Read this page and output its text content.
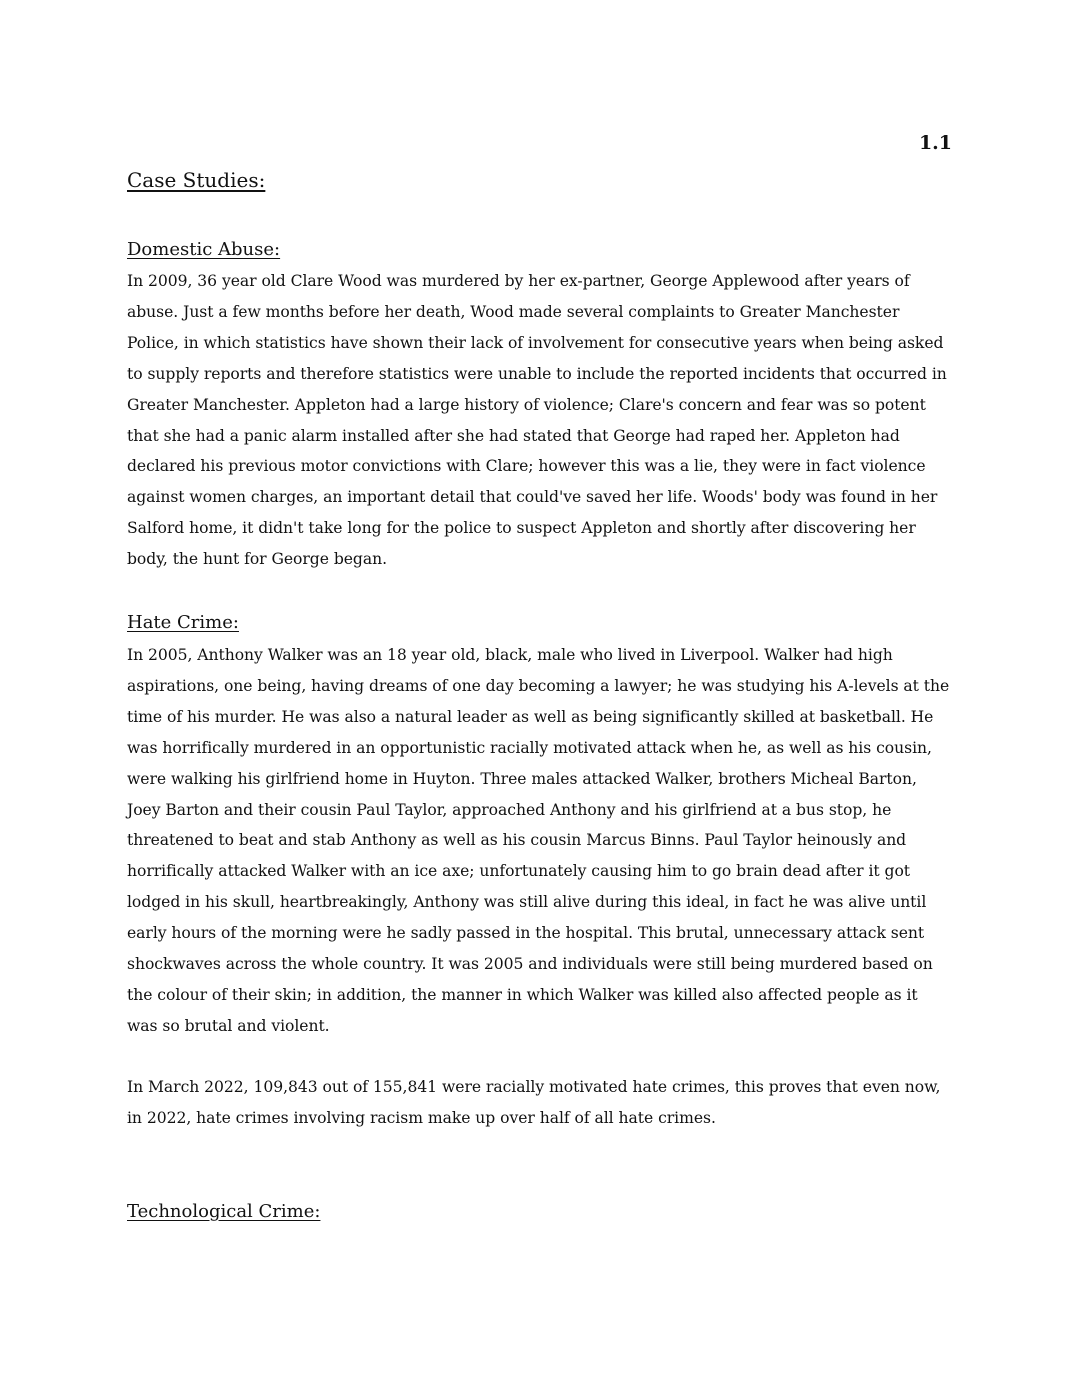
1.1
Case Studies:
Domestic Abuse:

In 2009, 36 year old Clare Wood was murdered by her ex-partner, George Applewood after years of abuse. Just a few months before her death, Wood made several complaints to Greater Manchester Police, in which statistics have shown their lack of involvement for consecutive years when being asked to supply reports and therefore statistics were unable to include the reported incidents that occurred in Greater Manchester. Appleton had a large history of violence; Clare's concern and fear was so potent that she had a panic alarm installed after she had stated that George had raped her. Appleton had declared his previous motor convictions with Clare; however this was a lie, they were in fact violence against women charges, an important detail that could've saved her life. Woods' body was found in her Salford home, it didn't take long for the police to suspect Appleton and shortly after discovering her body, the hunt for George began.

Hate Crime:

In 2005, Anthony Walker was an 18 year old, black, male who lived in Liverpool. Walker had high aspirations, one being, having dreams of one day becoming a lawyer; he was studying his A-levels at the time of his murder. He was also a natural leader as well as being significantly skilled at basketball. He was horrifically murdered in an opportunistic racially motivated attack when he, as well as his cousin, were walking his girlfriend home in Huyton. Three males attacked Walker, brothers Micheal Barton, Joey Barton and their cousin Paul Taylor, approached Anthony and his girlfriend at a bus stop, he threatened to beat and stab Anthony as well as his cousin Marcus Binns. Paul Taylor heinously and horrifically attacked Walker with an ice axe; unfortunately causing him to go brain dead after it got lodged in his skull, heartbreakingly, Anthony was still alive during this ideal, in fact he was alive until early hours of the morning were he sadly passed in the hospital. This brutal, unnecessary attack sent shockwaves across the whole country. It was 2005 and individuals were still being murdered based on the colour of their skin; in addition, the manner in which Walker was killed also affected people as it was so brutal and violent.

In March 2022, 109,843 out of 155,841 were racially motivated hate crimes, this proves that even now, in 2022, hate crimes involving racism make up over half of all hate crimes.

Technological Crime:
